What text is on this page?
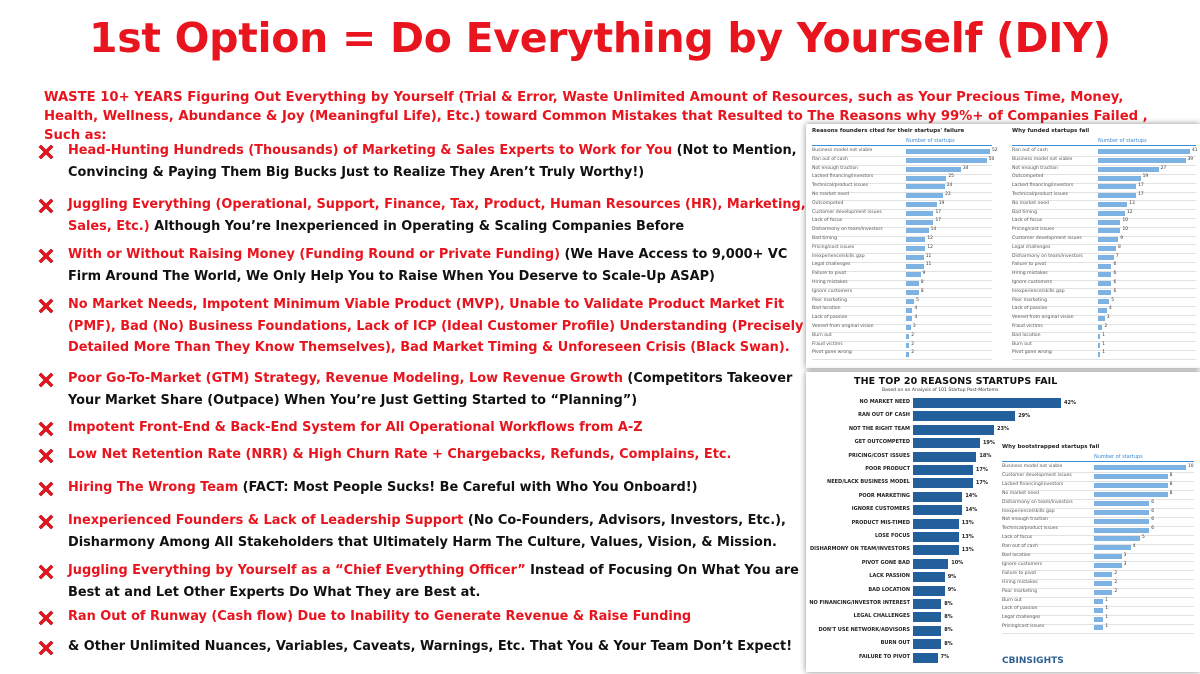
1st Option = Do Everything by Yourself (DIY)
WASTE 10+ YEARS Figuring Out Everything by Yourself (Trial & Error, Waste Unlimited Amount of Resources, such as Your Precious Time, Money, Health, Wellness, Abundance & Joy (Meaningful Life), Etc.) toward Common Mistakes that Resulted to The Reasons why 99%+ of Companies Failed , Such as:
Head-Hunting Hundreds (Thousands) of Marketing & Sales Experts to Work for You (Not to Mention, Convincing & Paying Them Big Bucks Just to Realize They Aren’t Truly Worthy!)
Juggling Everything (Operational, Support, Finance, Tax, Product, Human Resources (HR), Marketing, Sales, Etc.) Although You’re Inexperienced in Operating & Scaling Companies Before
With or Without Raising Money (Funding Round or Private Funding) (We Have Access to 9,000+ VC Firm Around The World, We Only Help You to Raise When You Deserve to Scale-Up ASAP)
No Market Needs, Impotent Minimum Viable Product (MVP), Unable to Validate Product Market Fit (PMF), Bad (No) Business Foundations, Lack of ICP (Ideal Customer Profile) Understanding (Precisely Detailed More Than They Know Themselves), Bad Market Timing & Unforeseen Crisis (Black Swan).
Poor Go-To-Market (GTM) Strategy, Revenue Modeling, Low Revenue Growth (Competitors Takeover Your Market Share (Outpace) When You’re Just Getting Started to “Planning”)
Impotent Front-End & Back-End System for All Operational Workflows from A-Z
Low Net Retention Rate (NRR) & High Churn Rate + Chargebacks, Refunds, Complains, Etc.
Hiring The Wrong Team (FACT: Most People Sucks! Be Careful with Who You Onboard!)
Inexperienced Founders & Lack of Leadership Support (No Co-Founders, Advisors, Investors, Etc.), Disharmony Among All Stakeholders that Ultimately Harm The Culture, Values, Vision, & Mission.
Juggling Everything by Yourself as a “Chief Everything Officer” Instead of Focusing On What You are Best at and Let Other Experts Do What They are Best at.
Ran Out of Runway (Cash flow) Due to Inability to Generate Revenue & Raise Funding
& Other Unlimited Nuances, Variables, Caveats, Warnings, Etc. That You & Your Team Don’t Expect!
Reasons founders cited for their startups' failure
Number of startups
Business model not viable	52
Ran out of cash	50
Not enough traction	34
Lacked financing/investors	25
Technical/product issues	24
No market need	23
Outcompeted	19
Customer development issues	17
Lack of focus	17
Disharmony on team/investors	14
Bad timing	12
Pricing/cost issues	12
Inexperience/skills gap	11
Legal challenges	11
Failure to pivot	9
Hiring mistakes	8
Ignore customers	8
Poor marketing	5
Bad location	4
Lack of passion	4
Veered from original vision	3
Burn out	2
Fraud victims	2
Pivot gone wrong	2
Why funded startups fail
Number of startups
Ran out of cash	41
Business model not viable	39
Not enough traction	27
Outcompeted	19
Lacked financing/investors	17
Technical/product issues	17
No market need	13
Bad timing	12
Lack of focus	10
Pricing/cost issues	10
Customer development issues	9
Legal challenges	8
Disharmony on team/investors	7
Failure to pivot	6
Hiring mistakes	6
Ignore customers	6
Inexperience/skills gap	6
Poor marketing	5
Lack of passion	4
Veered from original vision	3
Fraud victims	2
Bad location	1
Burn out	1
Pivot gone wrong	1
THE TOP 20 REASONS STARTUPS FAIL
Based on an Analysis of 101 Startup Post-Mortems
NO MARKET NEED	42%
RAN OUT OF CASH	29%
NOT THE RIGHT TEAM	23%
GET OUTCOMPETED	19%
PRICING/COST ISSUES	18%
POOR PRODUCT	17%
NEED/LACK BUSINESS MODEL	17%
POOR MARKETING	14%
IGNORE CUSTOMERS	14%
PRODUCT MIS-TIMED	13%
LOSE FOCUS	13%
DISHARMONY ON TEAM/INVESTORS	13%
PIVOT GONE BAD	10%
LACK PASSION	9%
BAD LOCATION	9%
NO FINANCING/INVESTOR INTEREST	8%
LEGAL CHALLENGES	8%
DON'T USE NETWORK/ADVISORS	8%
BURN OUT	8%
FAILURE TO PIVOT	7%
Why bootstrapped startups fail
Number of startups
Business model not viable	10
Customer development issues	8
Lacked financing/investors	8
No market need	8
Disharmony on team/investors	6
Inexperience/skills gap	6
Not enough traction	6
Technical/product issues	6
Lack of focus	5
Ran out of cash	4
Bad location	3
Ignore customers	3
Failure to pivot	2
Hiring mistakes	2
Poor marketing	2
Burn out	1
Lack of passion	1
Legal challenges	1
Pricing/cost issues	1
CBINSIGHTS
